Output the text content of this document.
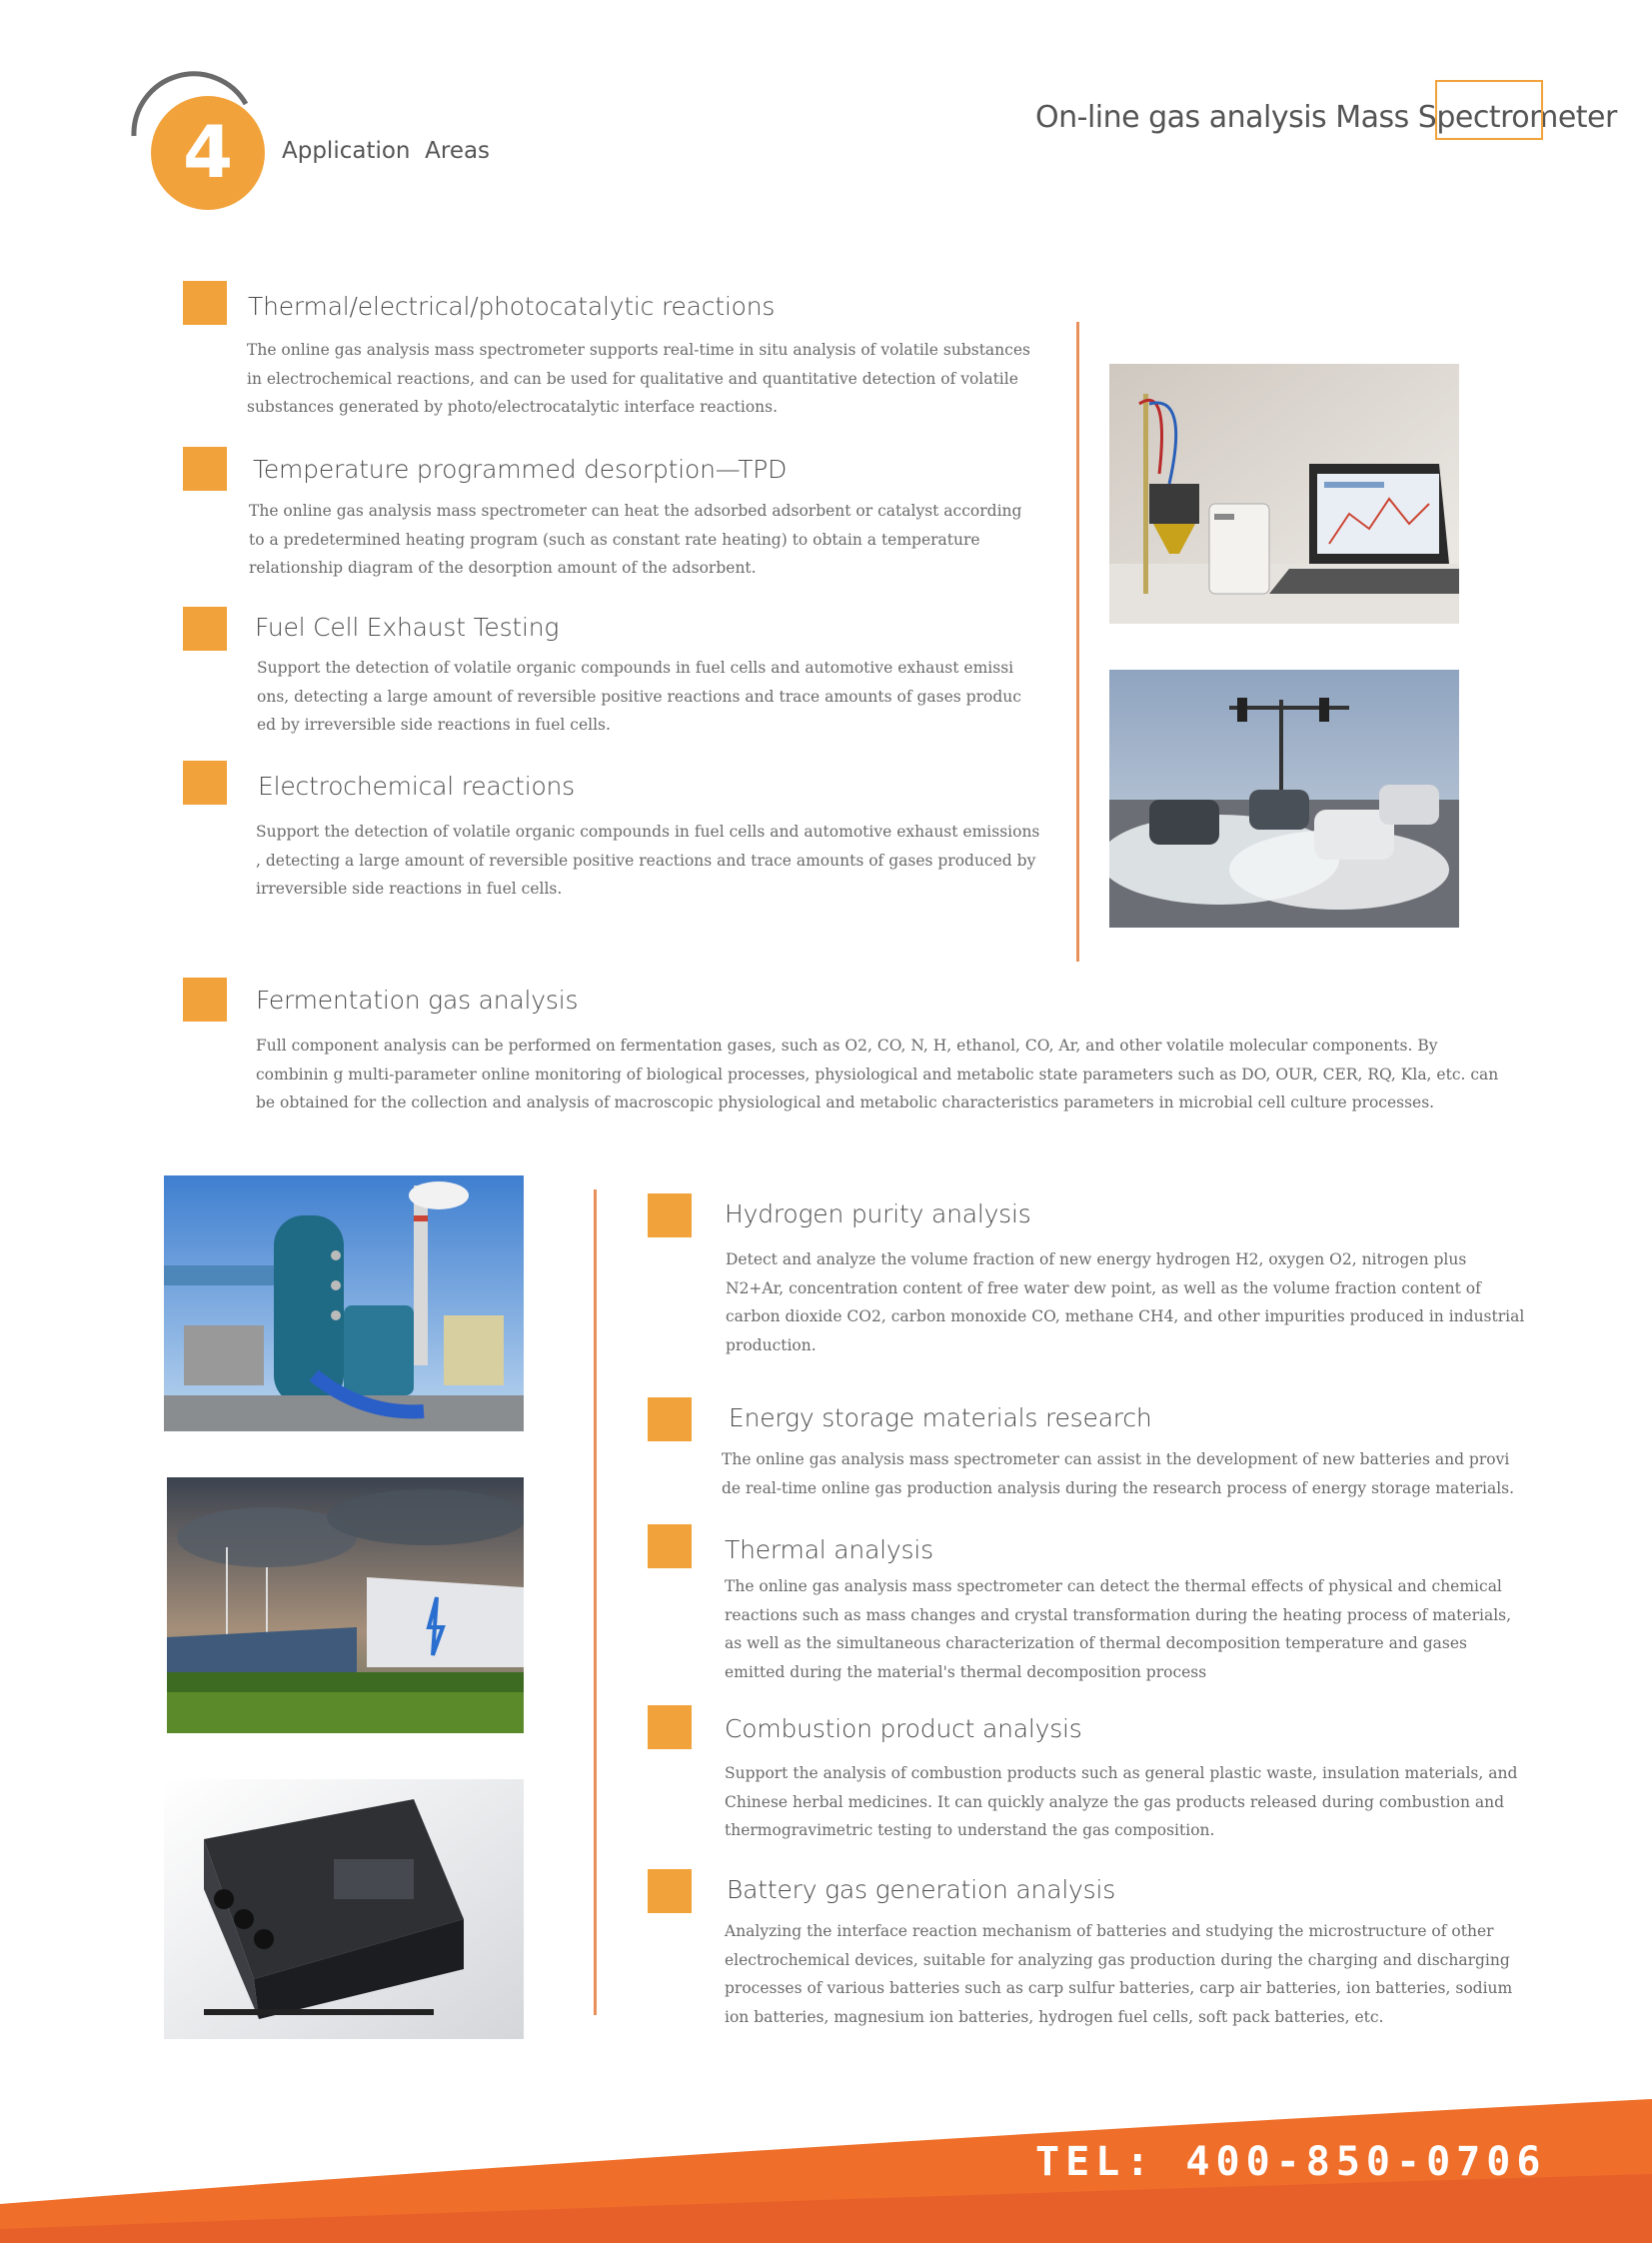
4 Application  Areas
On-line gas analysis Mass Spectrometer
Thermal/electrical/photocatalytic reactions
The online gas analysis mass spectrometer supports real-time in situ analysis of volatile substances in electrochemical reactions, and can be used for qualitative and quantitative detection of volatile substances generated by photo/electrocatalytic interface reactions.
Temperature programmed desorption—TPD
The online gas analysis mass spectrometer can heat the adsorbed adsorbent or catalyst according to a predetermined heating program (such as constant rate heating) to obtain a temperature relationship diagram of the desorption amount of the adsorbent.
Fuel Cell Exhaust Testing
Support the detection of volatile organic compounds in fuel cells and automotive exhaust emissi ons, detecting a large amount of reversible positive reactions and trace amounts of gases produc ed by irreversible side reactions in fuel cells.
Electrochemical reactions
Support the detection of volatile organic compounds in fuel cells and automotive exhaust emissions , detecting a large amount of reversible positive reactions and trace amounts of gases produced by irreversible side reactions in fuel cells.
Fermentation gas analysis
Full component analysis can be performed on fermentation gases, such as O2, CO, N, H, ethanol, CO, Ar, and other volatile molecular components. By combinin g multi-parameter online monitoring of biological processes, physiological and metabolic state parameters such as DO, OUR, CER, RQ, Kla, etc. can be obtained for the collection and analysis of macroscopic physiological and metabolic characteristics parameters in microbial cell culture processes.
Hydrogen purity analysis
Detect and analyze the volume fraction of new energy hydrogen H2, oxygen O2, nitrogen plus N2+Ar, concentration content of free water dew point, as well as the volume fraction content of carbon dioxide CO2, carbon monoxide CO, methane CH4, and other impurities produced in industrial production.
Energy storage materials research
The online gas analysis mass spectrometer can assist in the development of new batteries and provi de real-time online gas production analysis during the research process of energy storage materials.
Thermal analysis
The online gas analysis mass spectrometer can detect the thermal effects of physical and chemical reactions such as mass changes and crystal transformation during the heating process of materials, as well as the simultaneous characterization of thermal decomposition temperature and gases emitted during the material's thermal decomposition process
Combustion product analysis
Support the analysis of combustion products such as general plastic waste, insulation materials, and Chinese herbal medicines. It can quickly analyze the gas products released during combustion and thermogravimetric testing to understand the gas composition.
Battery gas generation analysis
Analyzing the interface reaction mechanism of batteries and studying the microstructure of other electrochemical devices, suitable for analyzing gas production during the charging and discharging processes of various batteries such as carp sulfur batteries, carp air batteries, ion batteries, sodium ion batteries, magnesium ion batteries, hydrogen fuel cells, soft pack batteries, etc.
TEL: 400-850-0706
